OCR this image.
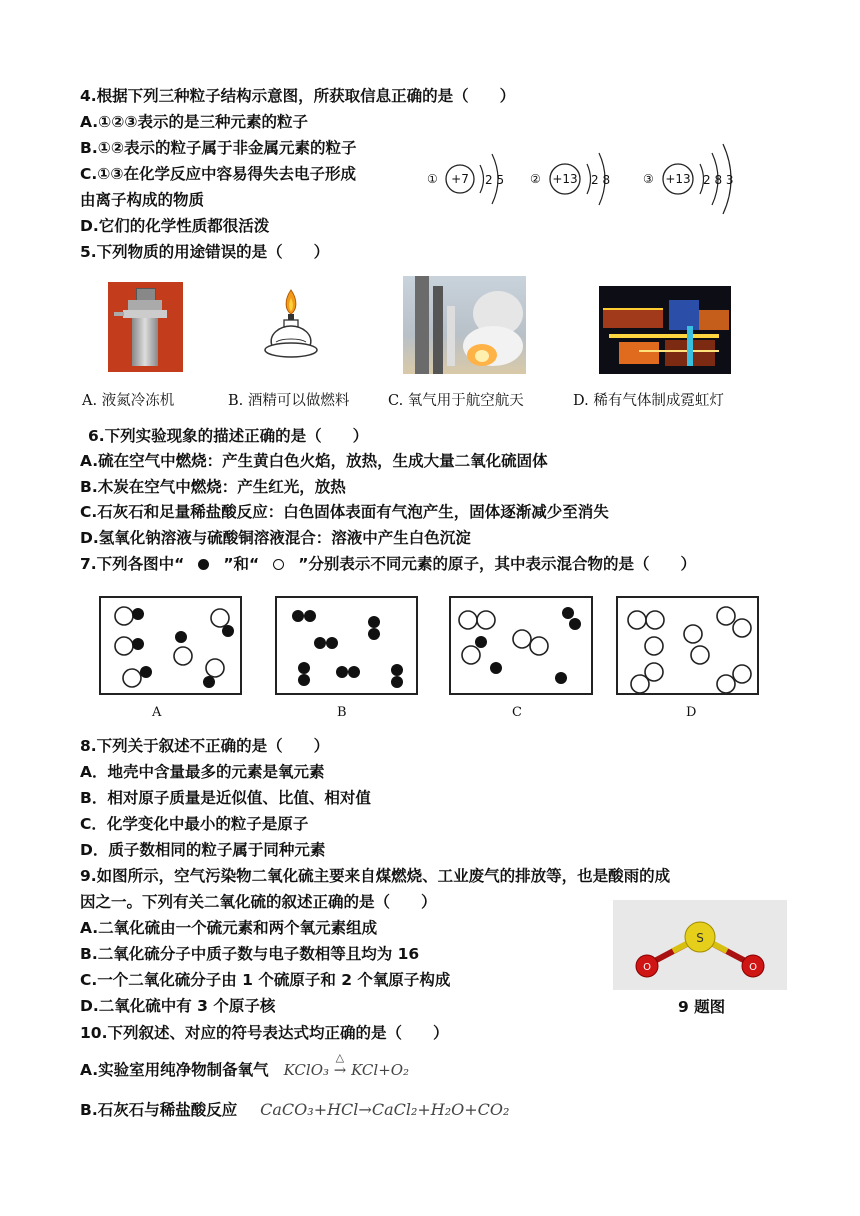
4.根据下列三种粒子结构示意图，所获取信息正确的是（　　）
A.①②③表示的是三种元素的粒子
B.①②表示的粒子属于非金属元素的粒子
C.①③在化学反应中容易得失去电子形成
由离子构成的物质
D.它们的化学性质都很活泼
① +7 2 5 ② +13 2 8	③ +13 2 8 3
5.下列物质的用途错误的是（　　）
A. 液氮冷冻机	B. 酒精可以做燃料	C. 氧气用于航空航天	D. 稀有气体制成霓虹灯
6.下列实验现象的描述正确的是（　　）
A.硫在空气中燃烧：产生黄白色火焰，放热，生成大量二氧化硫固体
B.木炭在空气中燃烧：产生红光，放热
C.石灰石和足量稀盐酸反应：白色固体表面有气泡产生，固体逐渐减少至消失
D.氢氧化钠溶液与硫酸铜溶液混合：溶液中产生白色沉淀
7.下列各图中“	”和“	”分别表示不同元素的原子，其中表示混合物的是（　　）
A	B	C	D
8.下列关于叙述不正确的是（　　）
A．地壳中含量最多的元素是氧元素
B．相对原子质量是近似值、比值、相对值
C．化学变化中最小的粒子是原子
D．质子数相同的粒子属于同种元素
9.如图所示，空气污染物二氧化硫主要来自煤燃烧、工业废气的排放等，也是酸雨的成
因之一。下列有关二氧化硫的叙述正确的是（　　）
A.二氧化硫由一个硫元素和两个氧元素组成
B.二氧化硫分子中质子数与电子数相等且均为 16
C.一个二氧化硫分子由 1 个硫原子和 2 个氧原子构成
D.二氧化硫中有 3 个原子核
S
O	O
9 题图
10.下列叙述、对应的符号表达式均正确的是（　　）
A.实验室用纯净物制备氧气
△
KClO₃ → KCl+O₂
B.石灰石与稀盐酸反应 CaCO₃+HCl→CaCl₂+H₂O+CO₂
